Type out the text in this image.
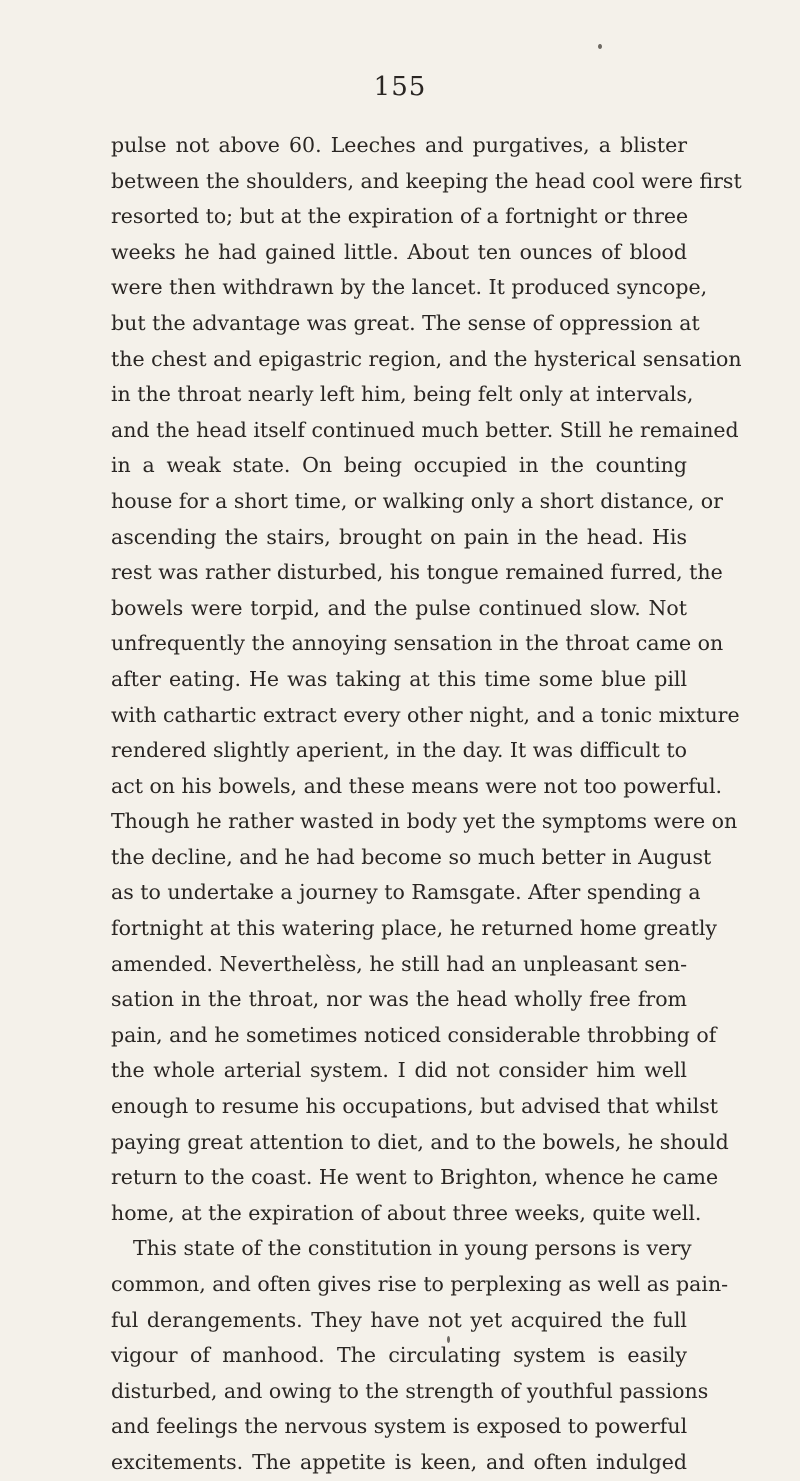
155
pulse not above 60. Leeches and purgatives, a blister
between the shoulders, and keeping the head cool were first
resorted to; but at the expiration of a fortnight or three
weeks he had gained little. About ten ounces of blood
were then withdrawn by the lancet. It produced syncope,
but the advantage was great. The sense of oppression at
the chest and epigastric region, and the hysterical sensation
in the throat nearly left him, being felt only at intervals,
and the head itself continued much better. Still he remained
in a weak state. On being occupied in the counting
house for a short time, or walking only a short distance, or
ascending the stairs, brought on pain in the head. His
rest was rather disturbed, his tongue remained furred, the
bowels were torpid, and the pulse continued slow. Not
unfrequently the annoying sensation in the throat came on
after eating. He was taking at this time some blue pill
with cathartic extract every other night, and a tonic mixture
rendered slightly aperient, in the day. It was difficult to
act on his bowels, and these means were not too powerful.
Though he rather wasted in body yet the symptoms were on
the decline, and he had become so much better in August
as to undertake a journey to Ramsgate. After spending a
fortnight at this watering place, he returned home greatly
amended. Neverthelèss, he still had an unpleasant sen-
sation in the throat, nor was the head wholly free from
pain, and he sometimes noticed considerable throbbing of
the whole arterial system. I did not consider him well
enough to resume his occupations, but advised that whilst
paying great attention to diet, and to the bowels, he should
return to the coast. He went to Brighton, whence he came
home, at the expiration of about three weeks, quite well.
This state of the constitution in young persons is very
common, and often gives rise to perplexing as well as pain-
ful derangements. They have not yet acquired the full
vigour of manhood. The circulating system is easily
disturbed, and owing to the strength of youthful passions
and feelings the nervous system is exposed to powerful
excitements. The appetite is keen, and often indulged
